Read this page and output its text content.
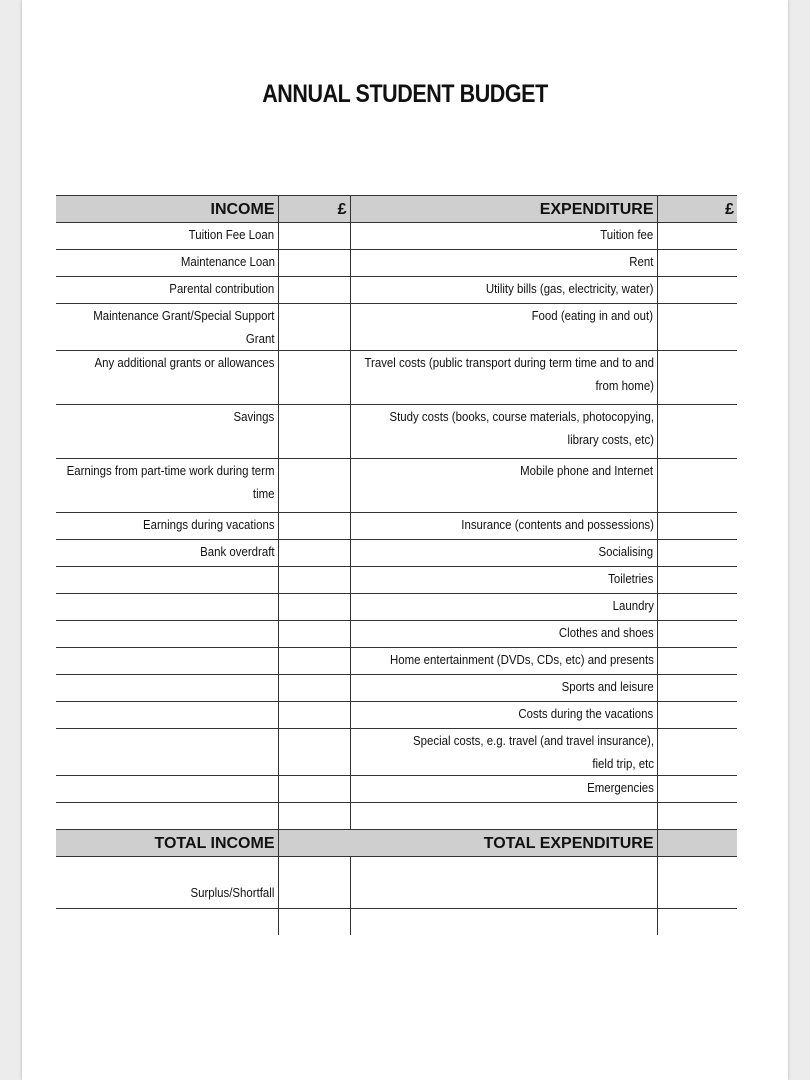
ANNUAL STUDENT BUDGET
INCOME	£	EXPENDITURE	£
Tuition Fee Loan		Tuition fee	
Maintenance Loan		Rent	
Parental contribution		Utility bills (gas, electricity, water)	
Maintenance Grant/Special Support Grant		Food (eating in and out)	
Any additional grants or allowances		Travel costs (public transport during term time and to and from home)	

Savings		Study costs (books, course materials, photocopying, library costs, etc)	

Earnings from part-time work during term time		Mobile phone and Internet	
Earnings during vacations		Insurance (contents and possessions)	
Bank overdraft		Socialising	
		Toiletries	
		Laundry	
		Clothes and shoes	
		Home entertainment (DVDs, CDs, etc) and presents	
		Sports and leisure	
		Costs during the vacations	
		Special costs, e.g. travel (and travel insurance), field trip, etc	
		Emergencies	

TOTAL INCOME		TOTAL EXPENDITURE	
Surplus/Shortfall			
